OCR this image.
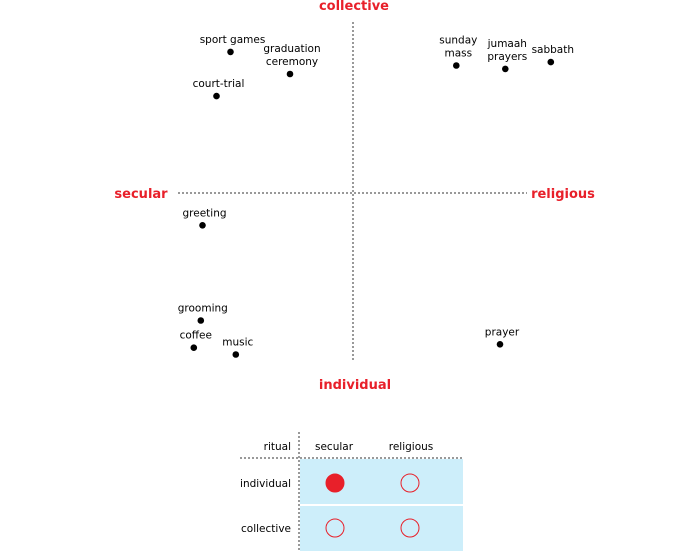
collective
individual
secular	religious
sport games
graduation
ceremony
court-trial
sunday
mass
jumaah
prayers
sabbath
greeting
grooming
coffee
music
prayer
ritual secular	religious
individual
collective
